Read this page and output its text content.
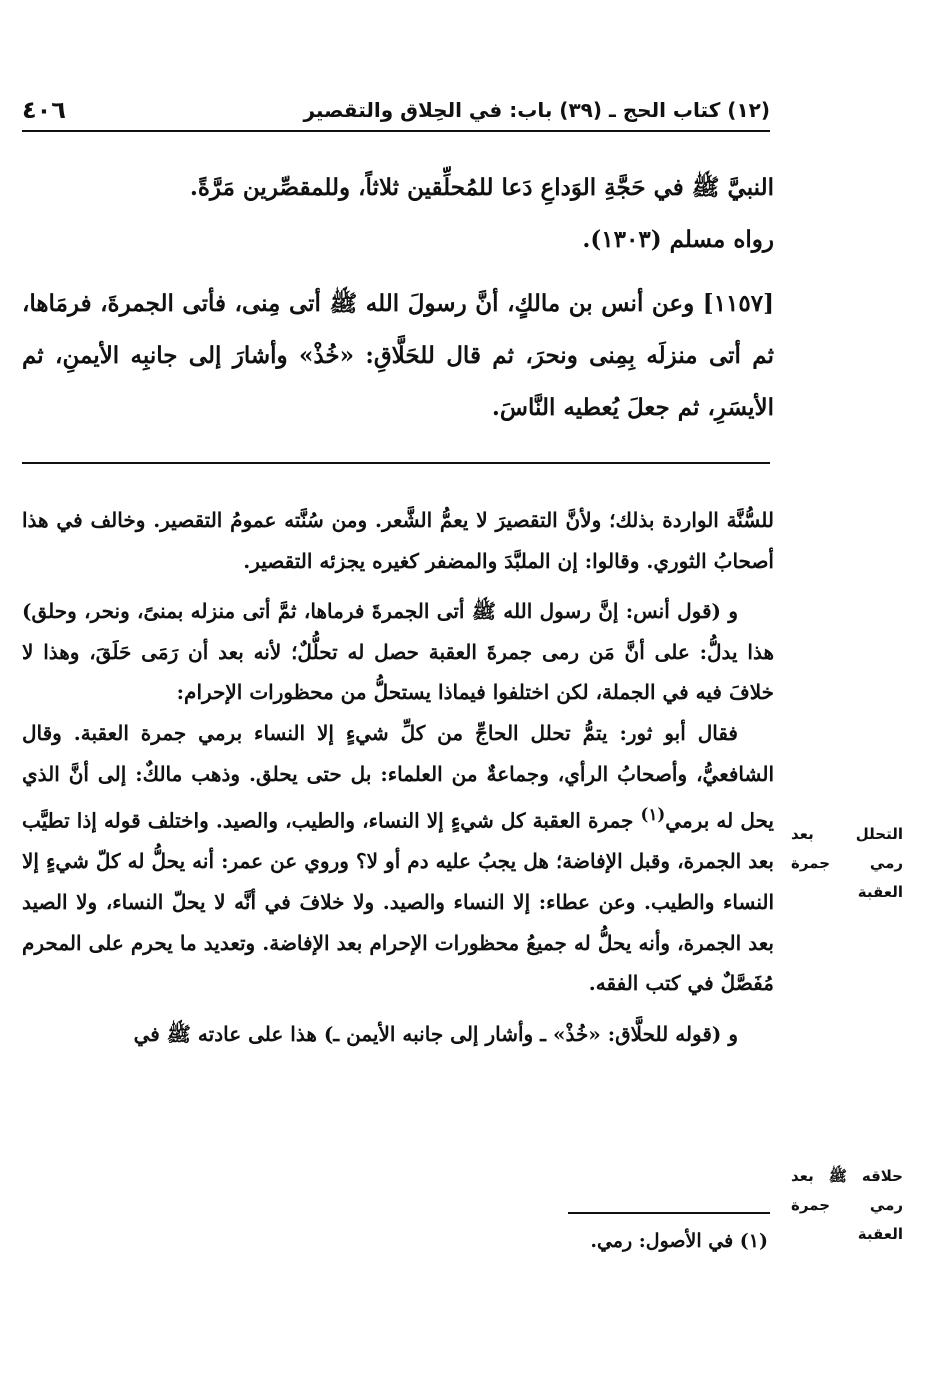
(١٢) كتاب الحج ـ (٣٩) باب: في الحِلاق والتقصير
٤٠٦

النبيَّ ﷺ في حَجَّةِ الوَداعِ دَعا للمُحلِّقين ثلاثاً، وللمقصِّرين مَرَّةً.

رواه مسلم (١٣٠٣).

[١١٥٧] وعن أنس بن مالكٍ، أنَّ رسولَ الله ﷺ أتى مِنى، فأتى الجمرةَ، فرمَاها، ثم أتى منزلَه بِمِنى ونحرَ، ثم قال للحَلَّاقِ: «خُذْ» وأشارَ إلى جانبِه الأيمنِ، ثم الأيسَرِ، ثم جعلَ يُعطيه النَّاسَ.

للسُّنَّة الواردة بذلك؛ ولأنَّ التقصيرَ لا يعمُّ الشَّعر. ومن سُنَّته عمومُ التقصير. وخالف في هذا أصحابُ الثوري. وقالوا: إن الملبَّدَ والمضفر كغيره يجزئه التقصير.

و (قول أنس: إنَّ رسول الله ﷺ أتى الجمرةَ فرماها، ثمَّ أتى منزله بمنىً، ونحر، وحلق) هذا يدلُّ: على أنَّ مَن رمى جمرةَ العقبة حصل له تحلُّلٌ؛ لأنه بعد أن رَمَى حَلَقَ، وهذا لا خلافَ فيه في الجملة، لكن اختلفوا فيماذا يستحلُّ من محظورات الإحرام:

فقال أبو ثور: يتمُّ تحلل الحاجِّ من كلِّ شيءٍ إلا النساء برمي جمرة العقبة. وقال الشافعيُّ، وأصحابُ الرأي، وجماعةٌ من العلماء: بل حتى يحلق. وذهب مالكٌ: إلى أنَّ الذي يحل له برمي$^{(١)}$ جمرة العقبة كل شيءٍ إلا النساء، والطيب، والصيد. واختلف قوله إذا تطيَّب بعد الجمرة، وقبل الإفاضة؛ هل يجبُ عليه دم أو لا؟ وروي عن عمر: أنه يحلُّ له كلّ شيءٍ إلا النساء والطيب. وعن عطاء: إلا النساء والصيد. ولا خلافَ في أنَّه لا يحلّ النساء، ولا الصيد بعد الجمرة، وأنه يحلُّ له جميعُ محظورات الإحرام بعد الإفاضة. وتعديد ما يحرم على المحرم مُفَصَّلٌ في كتب الفقه.

و (قوله للحلَّاق: «خُذْ» ـ وأشار إلى جانبه الأيمن ـ) هذا على عادته ﷺ في

التحلل بعد رمي جمرة العقبة
حلاقه ﷺ بعد رمي جمرة العقبة
(١) في الأصول: رمي.
